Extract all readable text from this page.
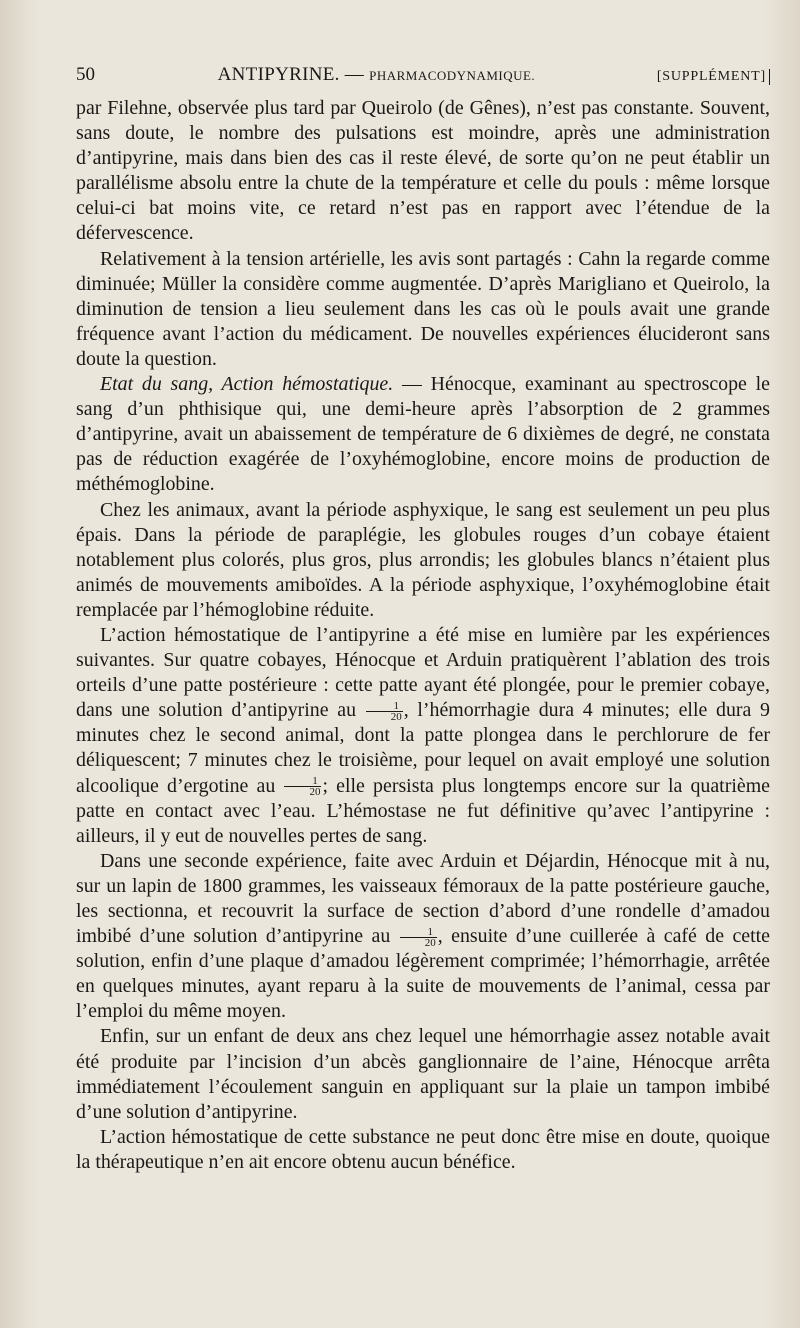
50	ANTIPYRINE. — PHARMACODYNAMIQUE.	[SUPPLÉMENT]

par Filehne, observée plus tard par Queirolo (de Gênes), n’est pas constante. Souvent, sans doute, le nombre des pulsations est moindre, après une administration d’antipyrine, mais dans bien des cas il reste élevé, de sorte qu’on ne peut établir un parallélisme absolu entre la chute de la température et celle du pouls : même lorsque celui-ci bat moins vite, ce retard n’est pas en rapport avec l’étendue de la défervescence.

Relativement à la tension artérielle, les avis sont partagés : Cahn la regarde comme diminuée; Müller la considère comme augmentée. D’après Marigliano et Queirolo, la diminution de tension a lieu seulement dans les cas où le pouls avait une grande fréquence avant l’action du médicament. De nouvelles expériences élucideront sans doute la question.

Etat du sang, Action hémostatique. — Hénocque, examinant au spectroscope le sang d’un phthisique qui, une demi-heure après l’absorption de 2 grammes d’antipyrine, avait un abaissement de température de 6 dixièmes de degré, ne constata pas de réduction exagérée de l’oxyhémoglobine, encore moins de production de méthémoglobine.

Chez les animaux, avant la période asphyxique, le sang est seulement un peu plus épais. Dans la période de paraplégie, les globules rouges d’un cobaye étaient notablement plus colorés, plus gros, plus arrondis; les globules blancs n’étaient plus animés de mouvements amiboïdes. A la période asphyxique, l’oxyhémoglobine était remplacée par l’hémoglobine réduite.

L’action hémostatique de l’antipyrine a été mise en lumière par les expériences suivantes. Sur quatre cobayes, Hénocque et Arduin pratiquèrent l’ablation des trois orteils d’une patte postérieure : cette patte ayant été plongée, pour le premier cobaye, dans une solution d’antipyrine au $\frac{1}{20}$ , l’hémorrhagie dura 4 minutes; elle dura 9 minutes chez le second animal, dont la patte plongea dans le perchlorure de fer déliquescent; 7 minutes chez le troisième, pour lequel on avait employé une solution alcoolique d’ergotine au $\frac{1}{20}$ ; elle persista plus longtemps encore sur la quatrième patte en contact avec l’eau. L’hémostase ne fut définitive qu’avec l’antipyrine : ailleurs, il y eut de nouvelles pertes de sang.

Dans une seconde expérience, faite avec Arduin et Déjardin, Hénocque mit à nu, sur un lapin de 1800 grammes, les vaisseaux fémoraux de la patte postérieure gauche, les sectionna, et recouvrit la surface de section d’abord d’une rondelle d’amadou imbibé d’une solution d’antipyrine au $\frac{1}{20}$ , ensuite d’une cuillerée à café de cette solution, enfin d’une plaque d’amadou légèrement comprimée; l’hémorrhagie, arrêtée en quelques minutes, ayant reparu à la suite de mouvements de l’animal, cessa par l’emploi du même moyen.

Enfin, sur un enfant de deux ans chez lequel une hémorrhagie assez notable avait été produite par l’incision d’un abcès ganglionnaire de l’aine, Hénocque arrêta immédiatement l’écoulement sanguin en appliquant sur la plaie un tampon imbibé d’une solution d’antipyrine.

L’action hémostatique de cette substance ne peut donc être mise en doute, quoique la thérapeutique n’en ait encore obtenu aucun bénéfice.
